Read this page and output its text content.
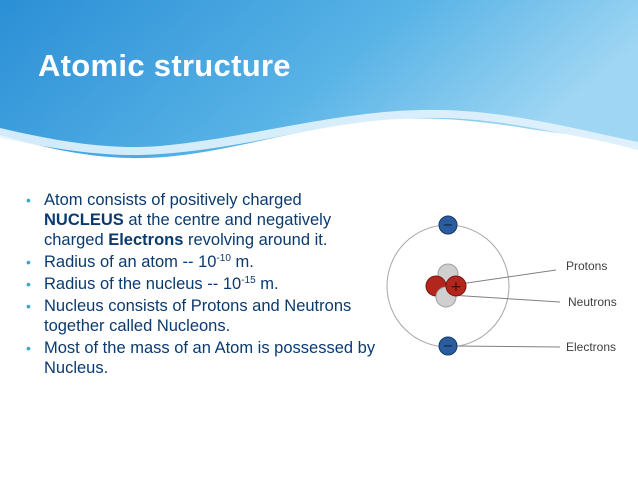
Atomic structure
• Atom consists of positively charged NUCLEUS at the centre and negatively charged Electrons revolving around it.
• Radius of an atom -- $10^{-10}$ m.
• Radius of the nucleus -- $10^{-15}$ m.
• Nucleus consists of Protons and Neutrons together called Nucleons.
• Most of the mass of an Atom is possessed by Nucleus.
+
−
−
Protons
Neutrons
Electrons
